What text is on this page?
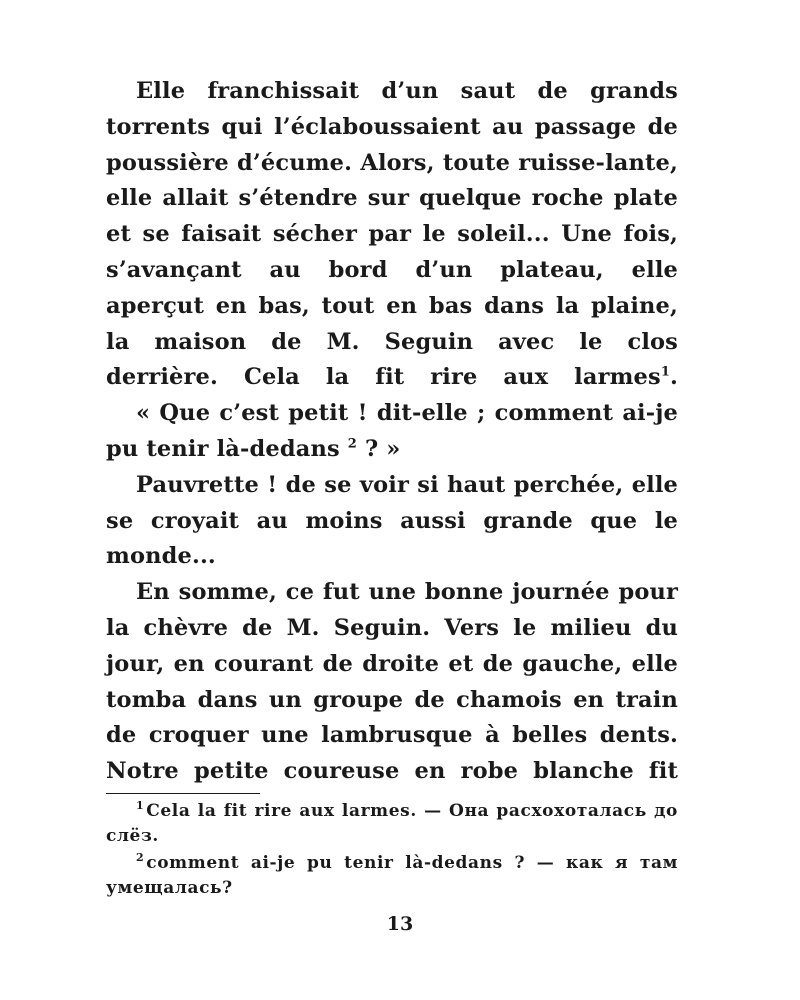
Elle franchissait d’un saut de grands torrents qui l’éclaboussaient au passage de poussière d’écume. Alors, toute ruisse-lante, elle allait s’étendre sur quelque roche plate et se faisait sécher par le soleil... Une fois, s’avançant au bord d’un plateau, elle aperçut en bas, tout en bas dans la plaine, la maison de M. Seguin avec le clos derrière. Cela la fit rire aux larmes$^1$.

« Que c’est petit ! dit-elle ; comment ai-je pu tenir là-dedans $^2$ ? »

Pauvrette ! de se voir si haut perchée, elle se croyait au moins aussi grande que le monde...

En somme, ce fut une bonne journée pour la chèvre de M. Seguin. Vers le milieu du jour, en courant de droite et de gauche, elle tomba dans un groupe de chamois en train de croquer une lambrusque à belles dents. Notre petite coureuse en robe blanche fit

$^1$ Cela la fit rire aux larmes. — Она расхохоталась до слёз.

$^2$ comment ai-je pu tenir là-dedans ? — как я там умещалась?

13
